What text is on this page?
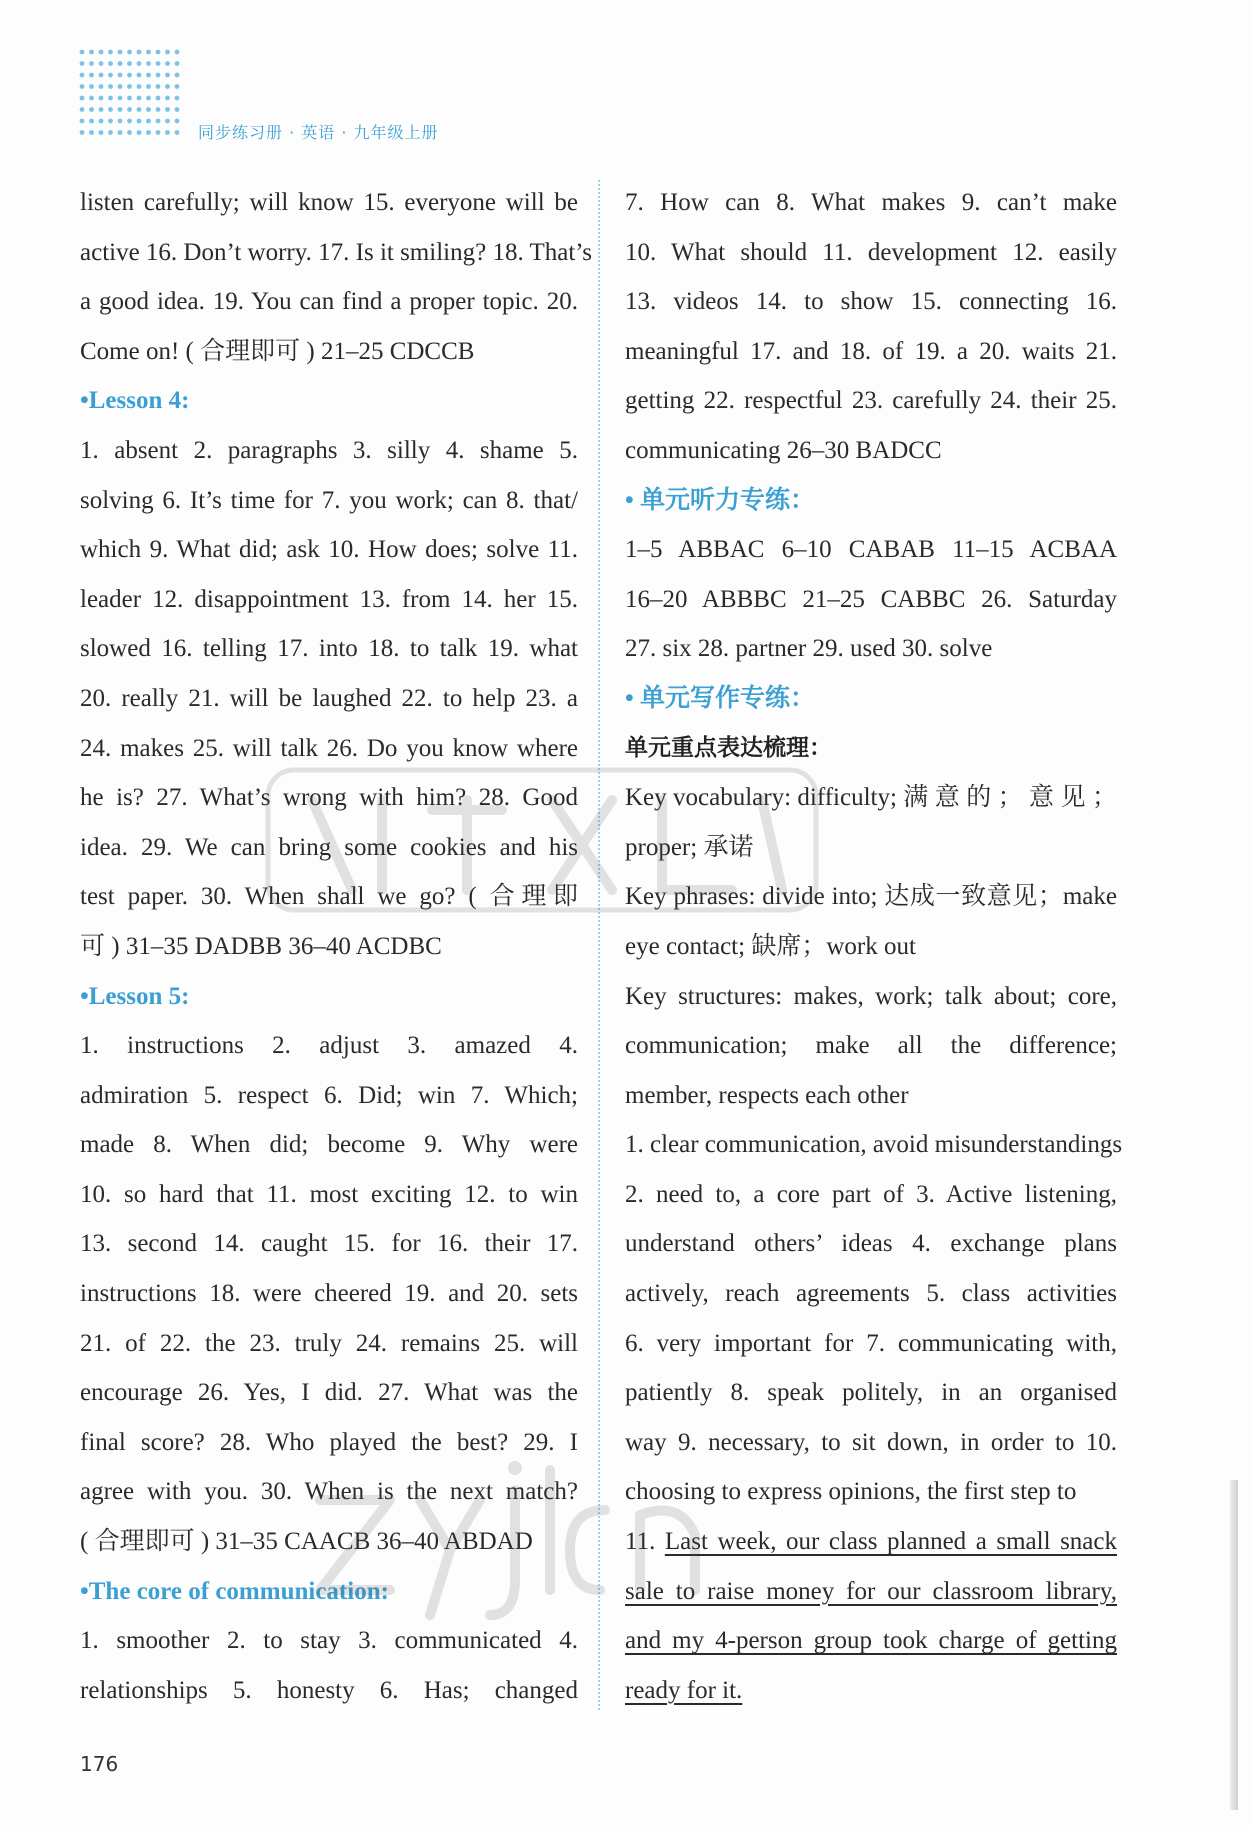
同步练习册 · 英语 · 九年级上册
listen carefully; will know 15. everyone will be
active 16. Don’t worry. 17. Is it smiling? 18. That’s
a good idea. 19. You can find a proper topic. 20.
Come on! ( 合理即可 ) 21–25 CDCCB
•Lesson 4:
1. absent 2. paragraphs 3. silly 4. shame 5.
solving 6. It’s time for 7. you work; can 8. that/
which 9. What did; ask 10. How does; solve 11.
leader 12. disappointment 13. from 14. her 15.
slowed 16. telling 17. into 18. to talk 19. what
20. really 21. will be laughed 22. to help 23. a
24. makes 25. will talk 26. Do you know where
he is? 27. What’s wrong with him? 28. Good
idea. 29. We can bring some cookies and his
test paper. 30. When shall we go? ( 合理即
可 ) 31–35 DADBB 36–40 ACDBC
•Lesson 5:
1. instructions 2. adjust 3. amazed 4.
admiration 5. respect 6. Did; win 7. Which;
made 8. When did; become 9. Why were
10. so hard that 11. most exciting 12. to win
13. second 14. caught 15. for 16. their 17.
instructions 18. were cheered 19. and 20. sets
21. of 22. the 23. truly 24. remains 25. will
encourage 26. Yes, I did. 27. What was the
final score? 28. Who played the best? 29. I
agree with you. 30. When is the next match?
( 合理即可 ) 31–35 CAACB 36–40 ABDAD
•The core of communication:
1. smoother 2. to stay 3. communicated 4.
relationships 5. honesty 6. Has; changed
7. How can 8. What makes 9. can’t make
10. What should 11. development 12. easily
13. videos 14. to show 15. connecting 16.
meaningful 17. and 18. of 19. a 20. waits 21.
getting 22. respectful 23. carefully 24. their 25.
communicating 26–30 BADCC
• 单元听力专练：
1–5 ABBAC 6–10 CABAB 11–15 ACBAA
16–20 ABBBC 21–25 CABBC 26. Saturday
27. six 28. partner 29. used 30. solve
• 单元写作专练：
单元重点表达梳理：
Key vocabulary: difficulty; 满 意 的 ； 意 见 ；
proper; 承诺
Key phrases: divide into; 达成一致意见；make
eye contact; 缺席；work out
Key structures: makes, work; talk about; core,
communication; make all the difference;
member, respects each other
1. clear communication, avoid misunderstandings
2. need to, a core part of 3. Active listening,
understand others’ ideas 4. exchange plans
actively, reach agreements 5. class activities
6. very important for 7. communicating with,
patiently 8. speak politely, in an organised
way 9. necessary, to sit down, in order to 10.
choosing to express opinions, the first step to
11. Last week, our class planned a small snack
sale to raise money for our classroom library,
and my 4-person group took charge of getting
ready for it.
176
